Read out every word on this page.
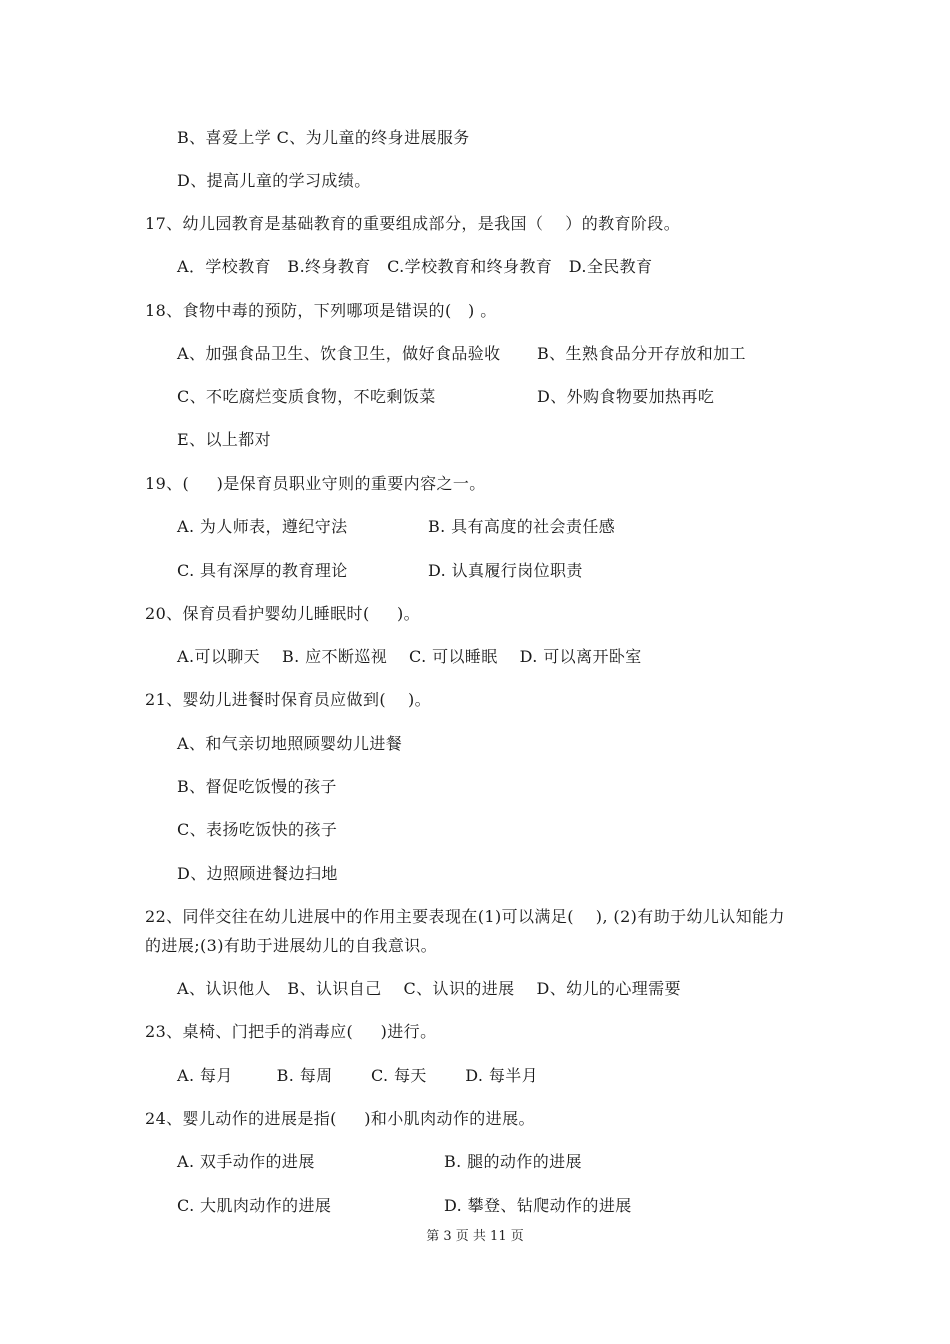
B、喜爱上学 C、为儿童的终身进展服务
D、提高儿童的学习成绩。
17、幼儿园教育是基础教育的重要组成部分，是我国（    ）的教育阶段。
A．学校教育   B.终身教育   C.学校教育和终身教育   D.全民教育
18、食物中毒的预防，下列哪项是错误的(   ) 。
A、加强食品卫生、饮食卫生，做好食品验收 B、生熟食品分开存放和加工
C、不吃腐烂变质食物，不吃剩饭菜	D、外购食物要加热再吃
E、以上都对
19、(     )是保育员职业守则的重要内容之一。
A. 为人师表，遵纪守法	B. 具有高度的社会责任感
C. 具有深厚的教育理论	D. 认真履行岗位职责
20、保育员看护婴幼儿睡眠时(     )。
A.可以聊天    B. 应不断巡视    C. 可以睡眠    D. 可以离开卧室
21、婴幼儿进餐时保育员应做到(    )。
A、和气亲切地照顾婴幼儿进餐
B、督促吃饭慢的孩子
C、表扬吃饭快的孩子
D、边照顾进餐边扫地
22、同伴交往在幼儿进展中的作用主要表现在(1)可以满足(    ), (2)有助于幼儿认知能力
的进展;(3)有助于进展幼儿的自我意识。
A、认识他人   B、认识自己    C、认识的进展    D、幼儿的心理需要
23、桌椅、门把手的消毒应(     )进行。
A. 每月        B. 每周       C. 每天       D. 每半月
24、婴儿动作的进展是指(     )和小肌肉动作的进展。
A. 双手动作的进展	B. 腿的动作的进展
C. 大肌肉动作的进展	D. 攀登、钻爬动作的进展
第 3 页 共 11 页
